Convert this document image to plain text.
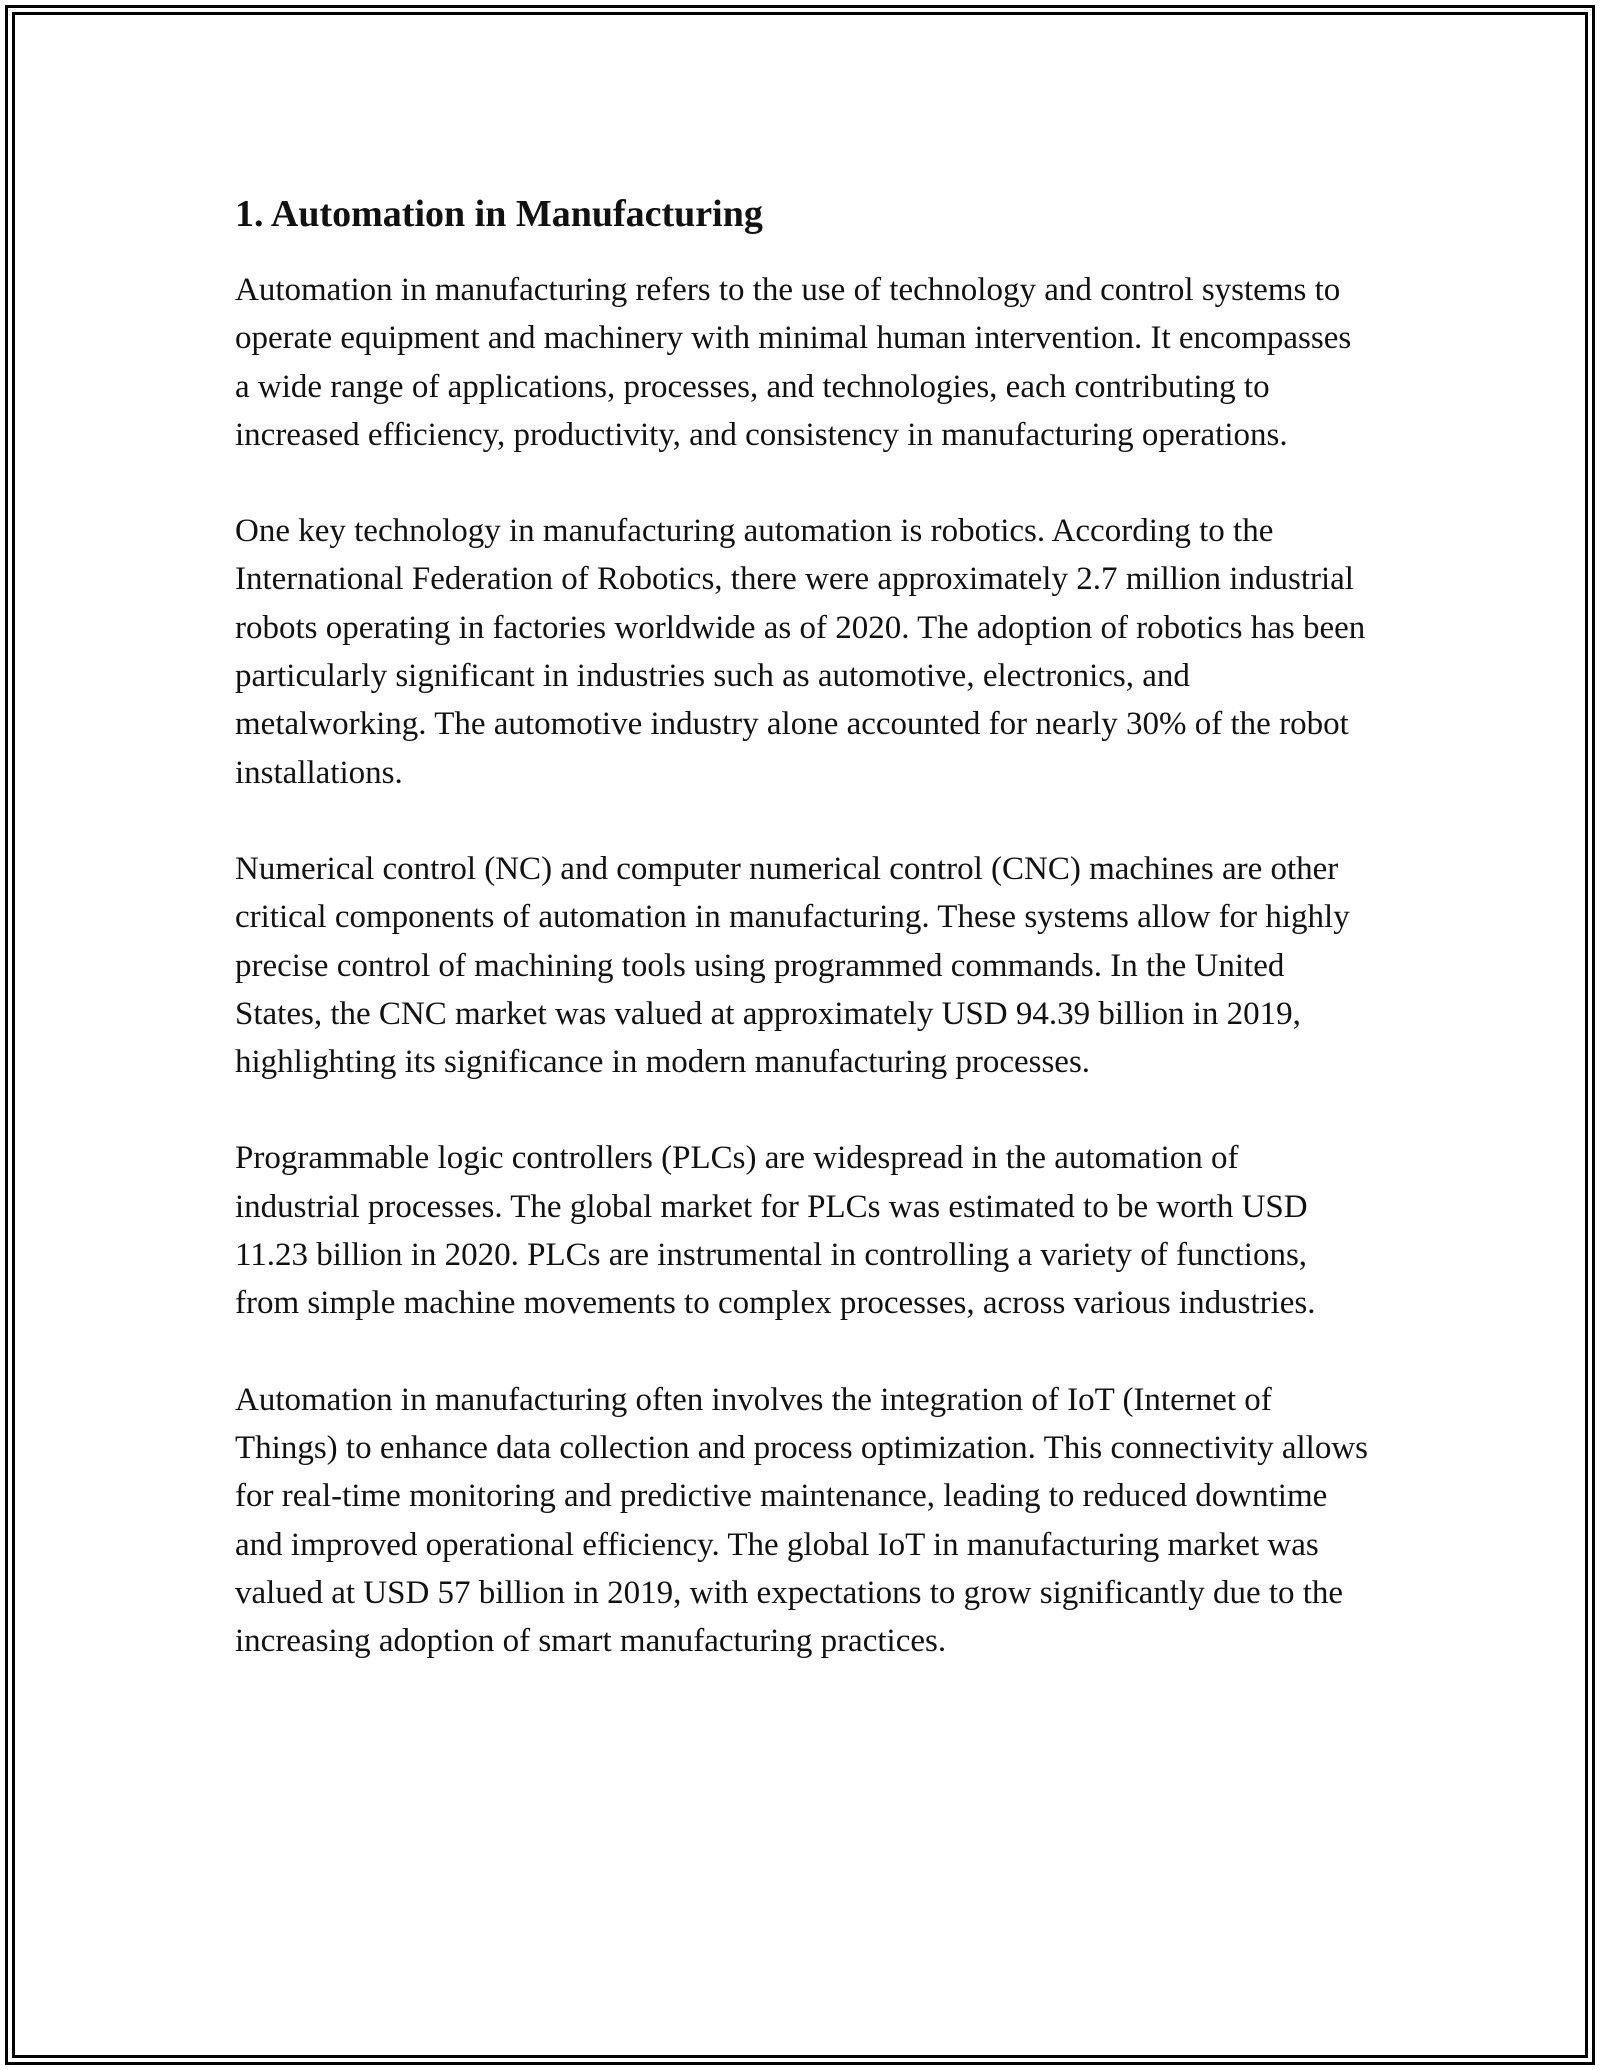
1. Automation in Manufacturing

Automation in manufacturing refers to the use of technology and control systems to operate equipment and machinery with minimal human intervention. It encompasses a wide range of applications, processes, and technologies, each contributing to increased efficiency, productivity, and consistency in manufacturing operations.

One key technology in manufacturing automation is robotics. According to the International Federation of Robotics, there were approximately 2.7 million industrial robots operating in factories worldwide as of 2020. The adoption of robotics has been particularly significant in industries such as automotive, electronics, and metalworking. The automotive industry alone accounted for nearly 30% of the robot installations.

Numerical control (NC) and computer numerical control (CNC) machines are other critical components of automation in manufacturing. These systems allow for highly precise control of machining tools using programmed commands. In the United States, the CNC market was valued at approximately USD 94.39 billion in 2019, highlighting its significance in modern manufacturing processes.

Programmable logic controllers (PLCs) are widespread in the automation of industrial processes. The global market for PLCs was estimated to be worth USD 11.23 billion in 2020. PLCs are instrumental in controlling a variety of functions, from simple machine movements to complex processes, across various industries.

Automation in manufacturing often involves the integration of IoT (Internet of Things) to enhance data collection and process optimization. This connectivity allows for real-time monitoring and predictive maintenance, leading to reduced downtime and improved operational efficiency. The global IoT in manufacturing market was valued at USD 57 billion in 2019, with expectations to grow significantly due to the increasing adoption of smart manufacturing practices.
